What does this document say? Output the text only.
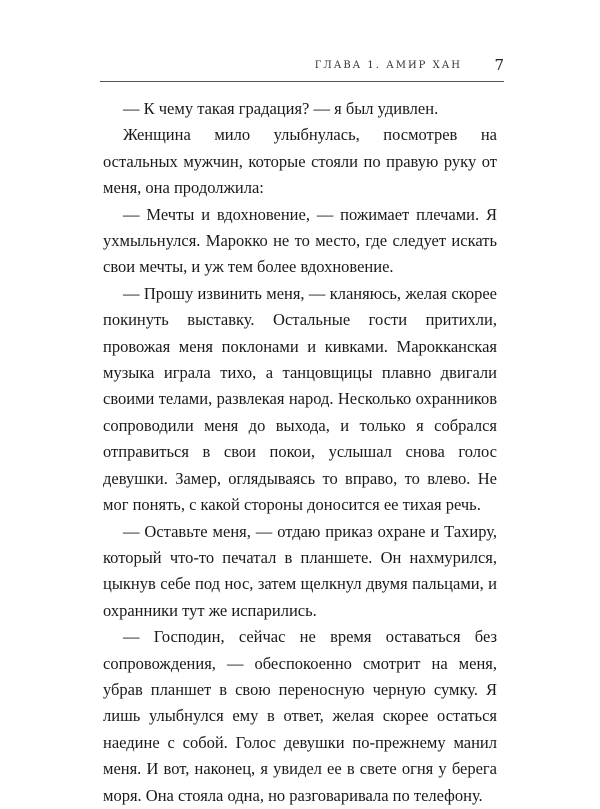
ГЛАВА 1. АМИР ХАН 7

— К чему такая градация? — я был удивлен.

Женщина мило улыбнулась, посмотрев на остальных мужчин, которые стояли по правую руку от меня, она продолжила:

— Мечты и вдохновение, — пожимает плечами. Я ухмыльнулся. Марокко не то место, где следует искать свои мечты, и уж тем более вдохновение.

— Прошу извинить меня, — кланяюсь, желая скорее покинуть выставку. Остальные гости притихли, провожая меня поклонами и кивками. Марокканская музыка играла тихо, а танцовщицы плавно двигали своими телами, развлекая народ. Несколько охранников сопроводили меня до выхода, и только я собрался отправиться в свои покои, услышал снова голос девушки. Замер, оглядываясь то вправо, то влево. Не мог понять, с какой стороны доносится ее тихая речь.

— Оставьте меня, — отдаю приказ охране и Тахиру, который что-то печатал в планшете. Он нахмурился, цыкнув себе под нос, затем щелкнул двумя пальцами, и охранники тут же испарились.

— Господин, сейчас не время оставаться без сопровождения, — обеспокоенно смотрит на меня, убрав планшет в свою переносную черную сумку. Я лишь улыбнулся ему в ответ, желая скорее остаться наедине с собой. Голос девушки по-прежнему манил меня. И вот, наконец, я увидел ее в свете огня у берега моря. Она стояла одна, но разговаривала по телефону.
